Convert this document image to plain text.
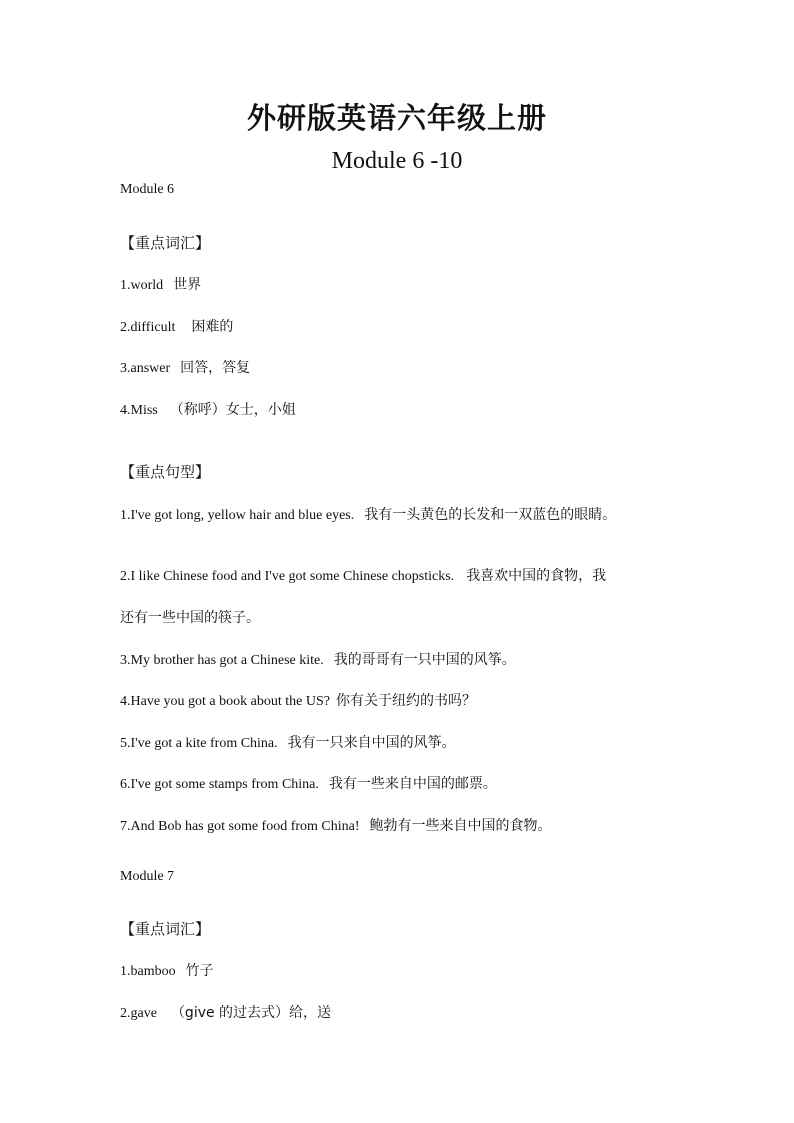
外研版英语六年级上册
Module 6 -10
Module 6
【重点词汇】
1.world 世界
2.difficult 困难的
3.answer 回答，答复
4.Miss （称呼）女士，小姐
【重点句型】
1.I've got long, yellow hair and blue eyes. 我有一头黄色的长发和一双蓝色的眼睛。
2.I like Chinese food and I've got some Chinese chopsticks. 我喜欢中国的食物，我
还有一些中国的筷子。
3.My brother has got a Chinese kite. 我的哥哥有一只中国的风筝。
4.Have you got a book about the US? 你有关于纽约的书吗？
5.I've got a kite from China. 我有一只来自中国的风筝。
6.I've got some stamps from China. 我有一些来自中国的邮票。
7.And Bob has got some food from China! 鲍勃有一些来自中国的食物。
Module 7
【重点词汇】
1.bamboo 竹子
2.gave （give 的过去式）给，送
